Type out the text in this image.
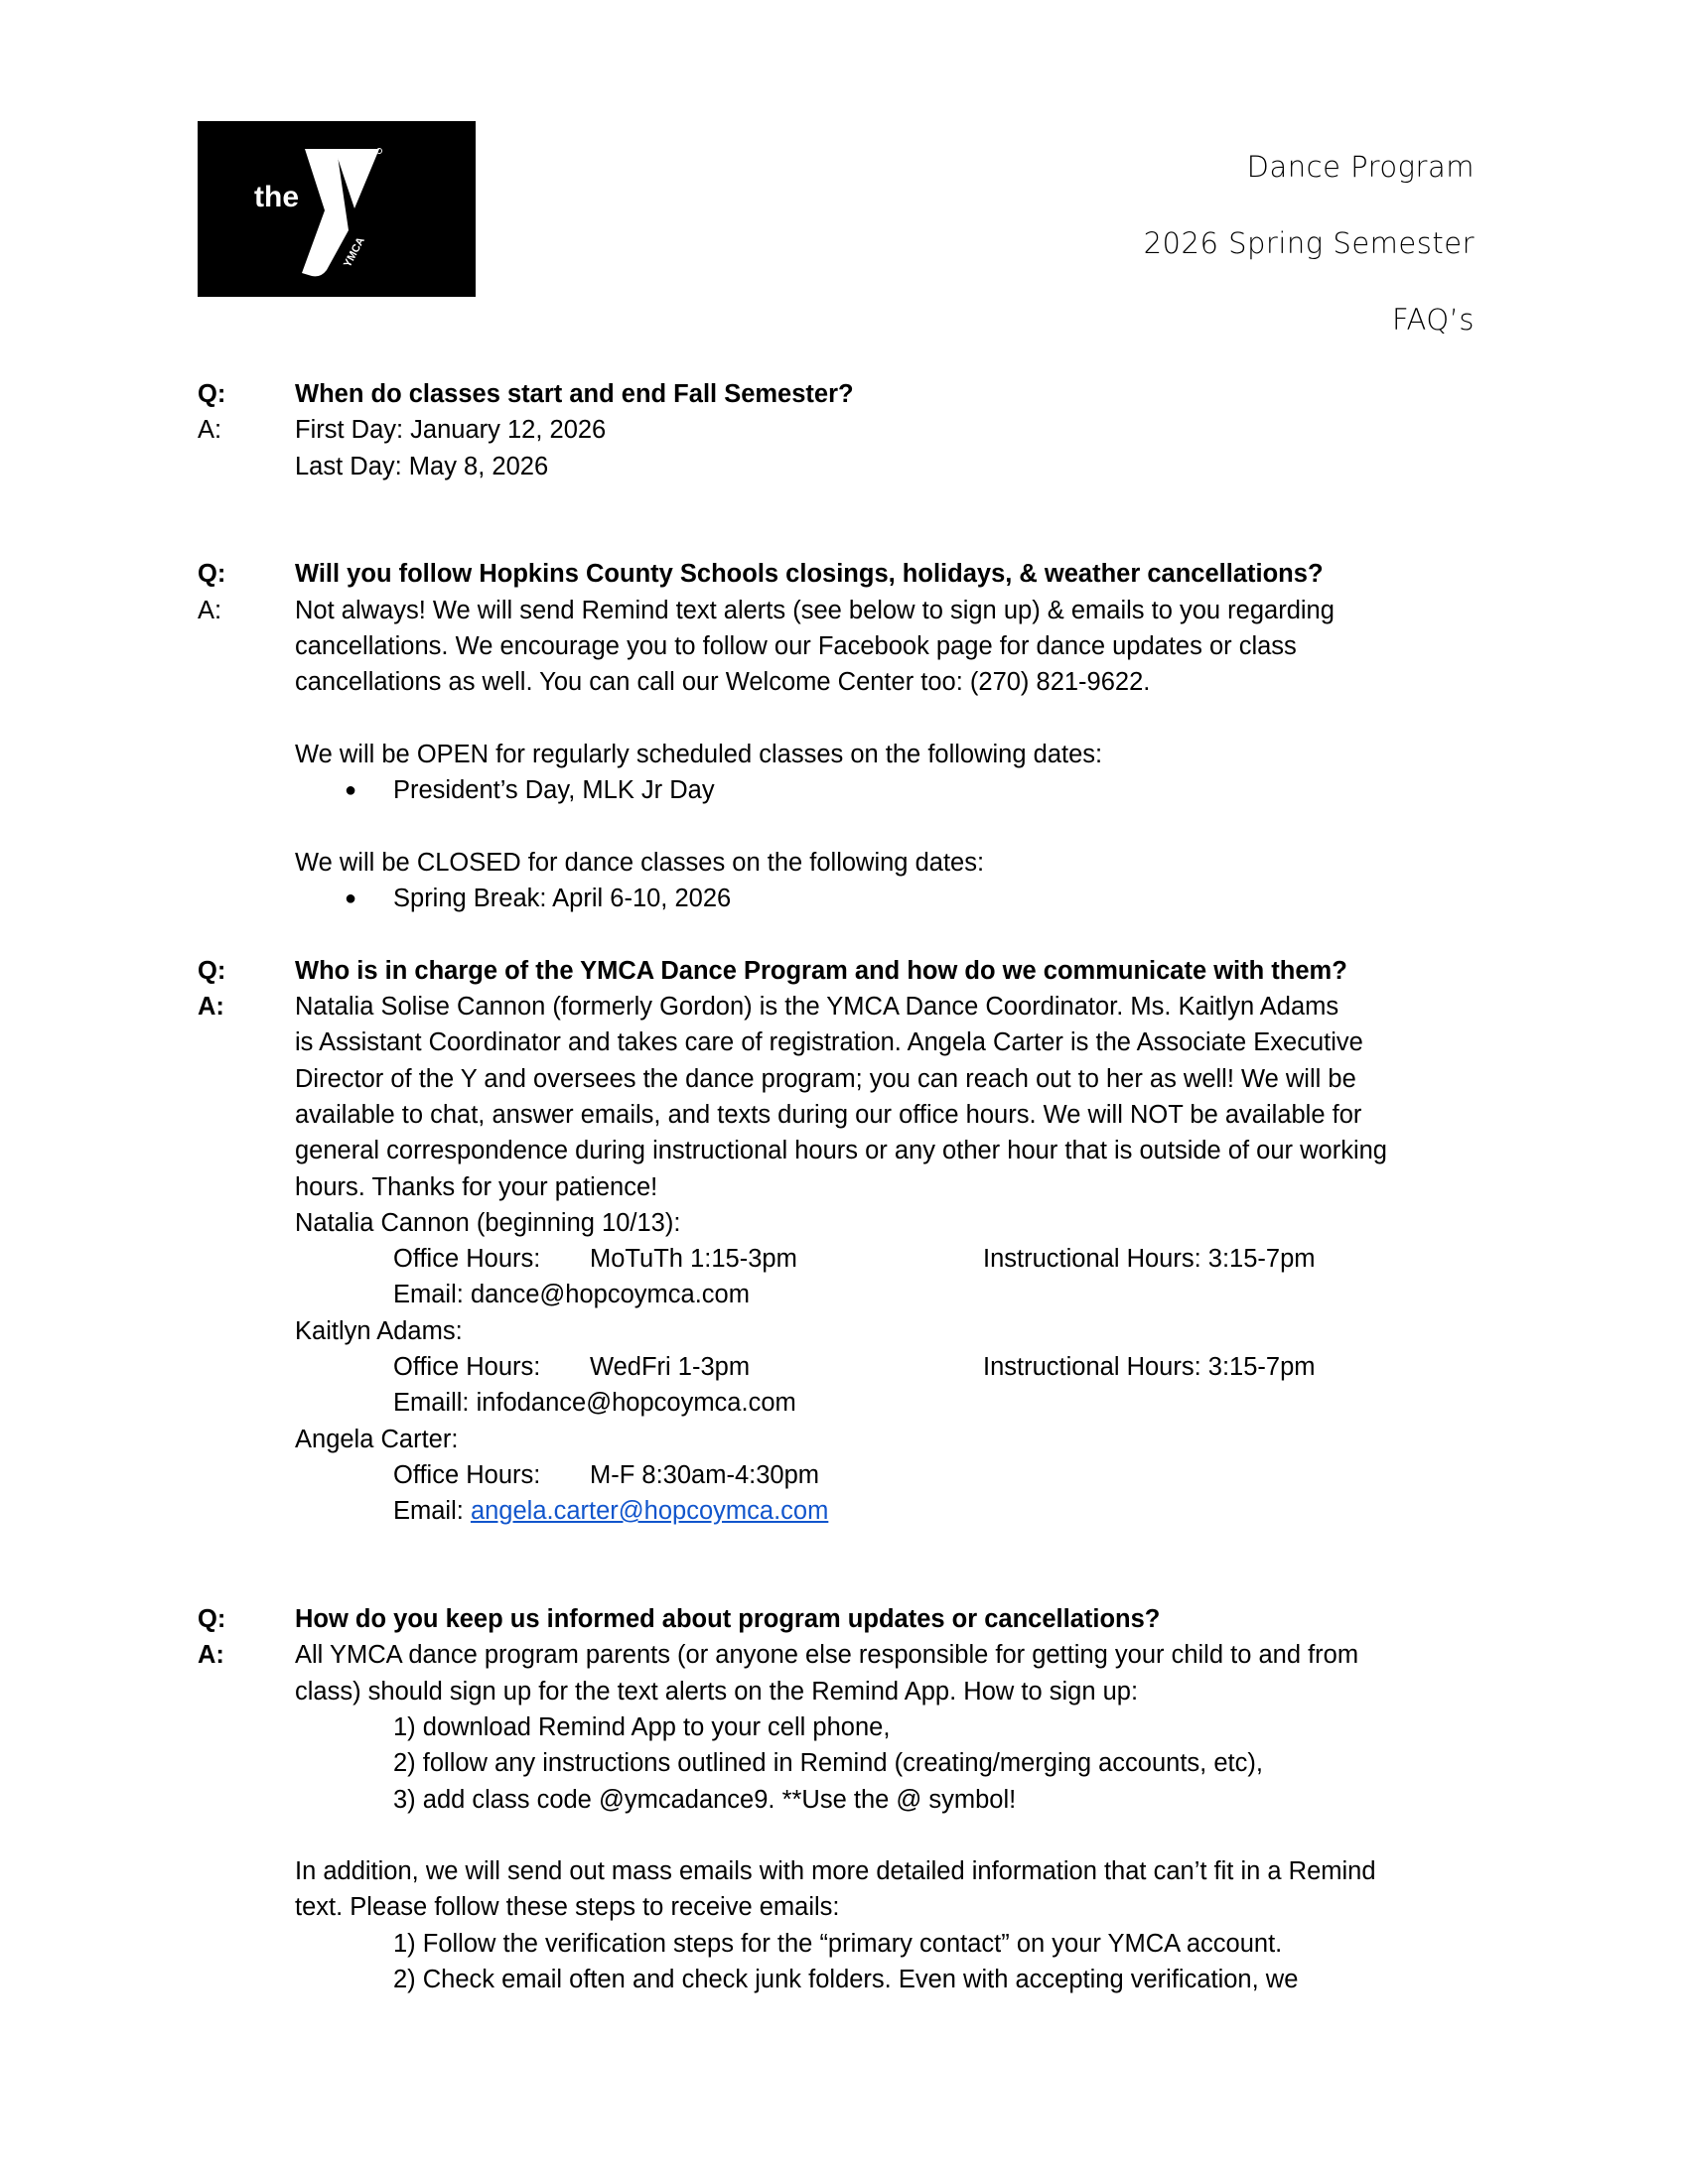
the
YMCA
Dance Program
2026 Spring Semester
FAQ’s
Q:	When do classes start and end Fall Semester?
A:	First Day: January 12, 2026
Last Day: May 8, 2026
Q:	Will you follow Hopkins County Schools closings, holidays, & weather cancellations?
A:	Not always! We will send Remind text alerts (see below to sign up) & emails to you regarding
cancellations. We encourage you to follow our Facebook page for dance updates or class
cancellations as well. You can call our Welcome Center too: (270) 821-9622.
We will be OPEN for regularly scheduled classes on the following dates:
● President’s Day, MLK Jr Day
We will be CLOSED for dance classes on the following dates:
● Spring Break: April 6-10, 2026
Q:	Who is in charge of the YMCA Dance Program and how do we communicate with them?
A:	Natalia Solise Cannon (formerly Gordon) is the YMCA Dance Coordinator. Ms. Kaitlyn Adams
is Assistant Coordinator and takes care of registration. Angela Carter is the Associate Executive
Director of the Y and oversees the dance program; you can reach out to her as well! We will be
available to chat, answer emails, and texts during our office hours. We will NOT be available for
general correspondence during instructional hours or any other hour that is outside of our working
hours. Thanks for your patience!
Natalia Cannon (beginning 10/13):
Office Hours: MoTuTh 1:15-3pm	Instructional Hours: 3:15-7pm
Email: dance@hopcoymca.com
Kaitlyn Adams:
Office Hours: WedFri 1-3pm	Instructional Hours: 3:15-7pm
Emaill: infodance@hopcoymca.com
Angela Carter:
Office Hours: M-F 8:30am-4:30pm
Email: angela.carter@hopcoymca.com
Q:	How do you keep us informed about program updates or cancellations?
A:	All YMCA dance program parents (or anyone else responsible for getting your child to and from
class) should sign up for the text alerts on the Remind App. How to sign up:
1) download Remind App to your cell phone,
2) follow any instructions outlined in Remind (creating/merging accounts, etc),
3) add class code @ymcadance9. **Use the @ symbol!
In addition, we will send out mass emails with more detailed information that can’t fit in a Remind
text. Please follow these steps to receive emails:
1) Follow the verification steps for the “primary contact” on your YMCA account.
2) Check email often and check junk folders. Even with accepting verification, we
